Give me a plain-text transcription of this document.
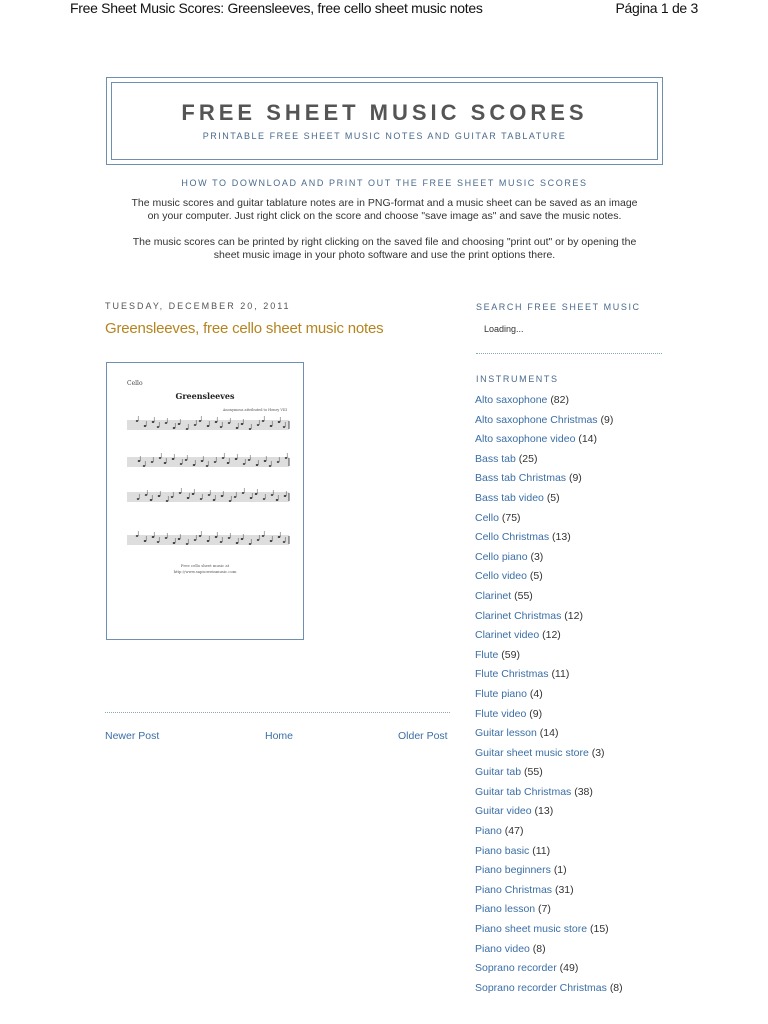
Free Sheet Music Scores: Greensleeves, free cello sheet music notes	Página 1 de 3
FREE SHEET MUSIC SCORES
PRINTABLE FREE SHEET MUSIC NOTES AND GUITAR TABLATURE
HOW TO DOWNLOAD AND PRINT OUT THE FREE SHEET MUSIC SCORES
The music scores and guitar tablature notes are in PNG-format and a music sheet can be saved as an image
on your computer. Just right click on the score and choose "save image as" and save the music notes.
The music scores can be printed by right clicking on the saved file and choosing "print out" or by opening the
sheet music image in your photo software and use the print options there.
TUESDAY, DECEMBER 20, 2011
Greensleeves, free cello sheet music notes
Cello
Greensleeves
Anonymous attributed to Henry VIII
Free cello sheet music at
http://www.sapsoweinmusic.com
Newer Post	Home	Older Post
SEARCH FREE SHEET MUSIC
Loading...
INSTRUMENTS
Alto saxophone (82)
Alto saxophone Christmas (9)
Alto saxophone video (14)
Bass tab (25)
Bass tab Christmas (9)
Bass tab video (5)
Cello (75)
Cello Christmas (13)
Cello piano (3)
Cello video (5)
Clarinet (55)
Clarinet Christmas (12)
Clarinet video (12)
Flute (59)
Flute Christmas (11)
Flute piano (4)
Flute video (9)
Guitar lesson (14)
Guitar sheet music store (3)
Guitar tab (55)
Guitar tab Christmas (38)
Guitar video (13)
Piano (47)
Piano basic (11)
Piano beginners (1)
Piano Christmas (31)
Piano lesson (7)
Piano sheet music store (15)
Piano video (8)
Soprano recorder (49)
Soprano recorder Christmas (8)
